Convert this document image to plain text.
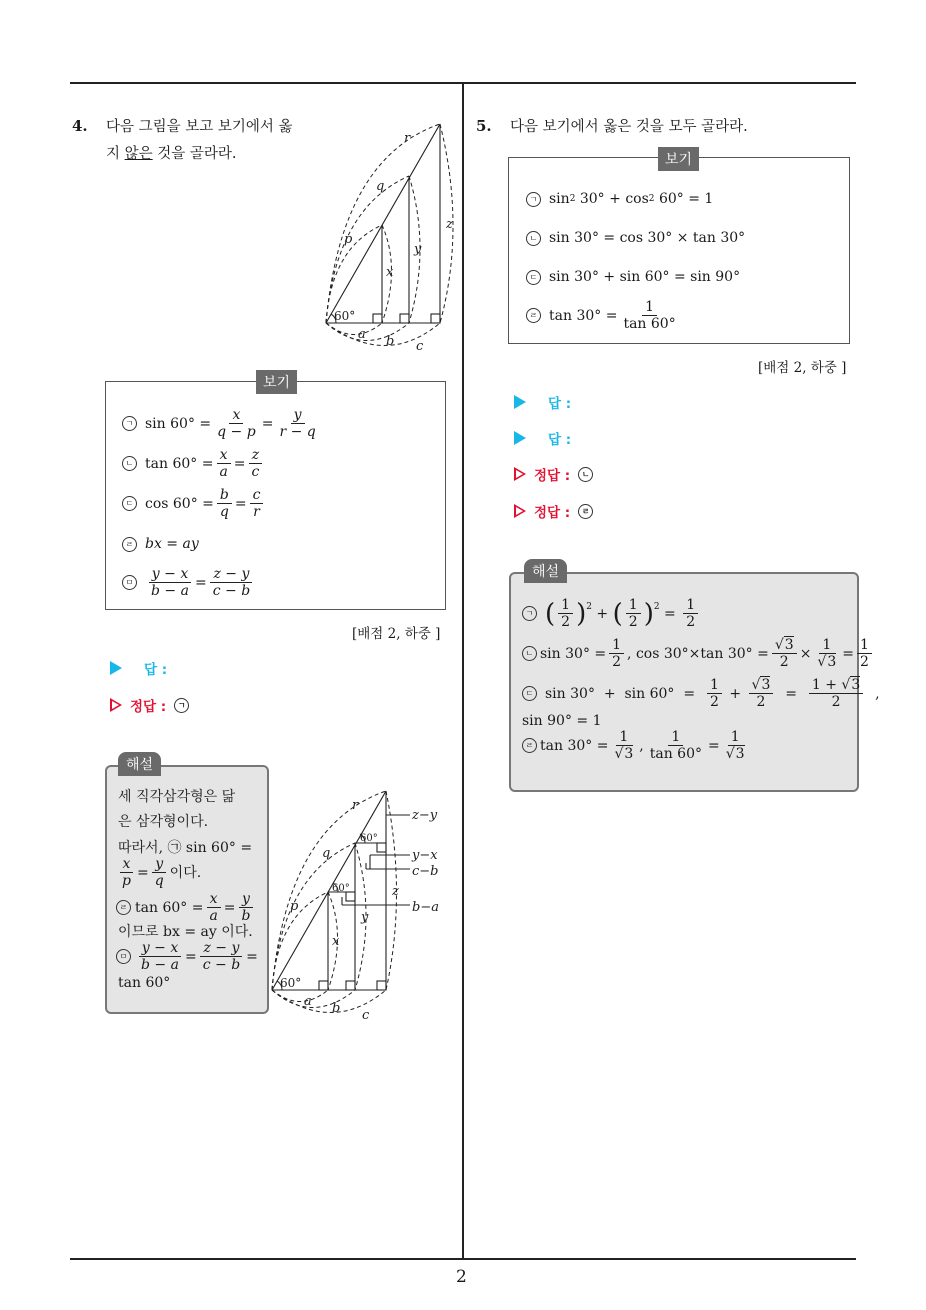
2
4. 다음 그림을 보고 보기에서 옳
지 않은 것을 골라라.
60°
p
q
r
x
y
z
a b c
보기
ㄱ $\sin 60^\circ = \frac{x}{q - p} = \frac{y}{r - q}$
ㄴ $\tan 60^\circ = \frac{x}{a} = \frac{z}{c}$
ㄷ $\cos 60^\circ = \frac{b}{q} = \frac{c}{r}$
ㄹ bx = ay
ㅁ $\frac{y - x}{b - a} = \frac{z - y}{c - b}$
[배점 2, 하중 ]
답 :
정답 :	ㄱ
해설
세 직각삼각형은 닮
은 삼각형이다.
따라서, ㉠ sin 60° =
$\frac{x}{p} = \frac{y}{q}$ 이다.
ㄹ $\tan 60^\circ = \frac{x}{a} = \frac{y}{b}$
이므로 bx = ay 이다.
ㅁ $\frac{y - x}{b - a} = \frac{z - y}{c - b}$ =
tan 60°	60°
60°
60°
p
q
r
x
y
z
a b c
z−y
y−x
c−b
b−a
5. 다음 보기에서 옳은 것을 모두 골라라.
보기
ㄱ sin 2 30° + cos 2 60° = 1
ㄴ sin 30° = cos 30° × tan 30°
ㄷ sin 30° + sin 60° = sin 90°
ㄹ $\tan 30^\circ = \frac{1}{\tan 60^\circ}$
[배점 2, 하중 ]
답 :
답 :
정답 :	ㄴ
정답 :	ㄹ
해설
ㄱ ( $\frac{1}{2} )^2$ + ( $\frac{1}{2} )^2 = \frac{1}{2}$
ㄴ $\sin 30^\circ = \frac{1}{2}$ , cos 30°×tan $30^\circ = \frac{√3}{2} \times \frac{1}{√3} = \frac{1}{2}$
ㄷ $\sin 30^\circ + \sin 60^\circ = \frac{1}{2} + \frac{√3}{2} = \frac{1 + √3}{2}$ ,
sin 90° = 1
ㄹ $\tan 30^\circ = \frac{1}{√3}$ , $\frac{1}{\tan 60^\circ} = \frac{1}{√3}$
